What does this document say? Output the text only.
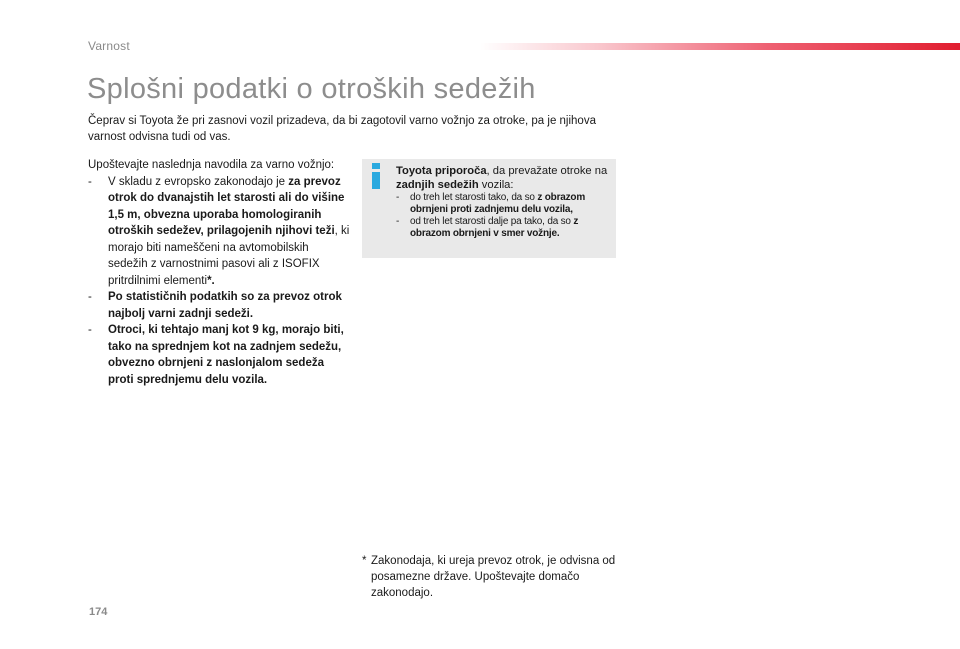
Varnost
Splošni podatki o otroških sedežih

Čeprav si Toyota že pri zasnovi vozil prizadeva, da bi zagotovil varno vožnjo za otroke, pa je njihova varnost odvisna tudi od vas.

Upoštevajte naslednja navodila za varno vožnjo:

- V skladu z evropsko zakonodajo je za prevoz otrok do dvanajstih let starosti ali do višine 1,5 m, obvezna uporaba homologiranih otroških sedežev, prilagojenih njihovi teži, ki morajo biti nameščeni na avtomobilskih sedežih z varnostnimi pasovi ali z ISOFIX pritrdilnimi elementi*.
- Po statističnih podatkih so za prevoz otrok najbolj varni zadnji sedeži.
- Otroci, ki tehtajo manj kot 9 kg, morajo biti, tako na sprednjem kot na zadnjem sedežu, obvezno obrnjeni z naslonjalom sedeža proti sprednjemu delu vozila.

Toyota priporoča, da prevažate otroke na zadnjih sedežih vozila:

- do treh let starosti tako, da so z obrazom obrnjeni proti zadnjemu delu vozila,
- od treh let starosti dalje pa tako, da so z obrazom obrnjeni v smer vožnje.
* Zakonodaja, ki ureja prevoz otrok, je odvisna od posamezne države. Upoštevajte domačo zakonodajo.
174
